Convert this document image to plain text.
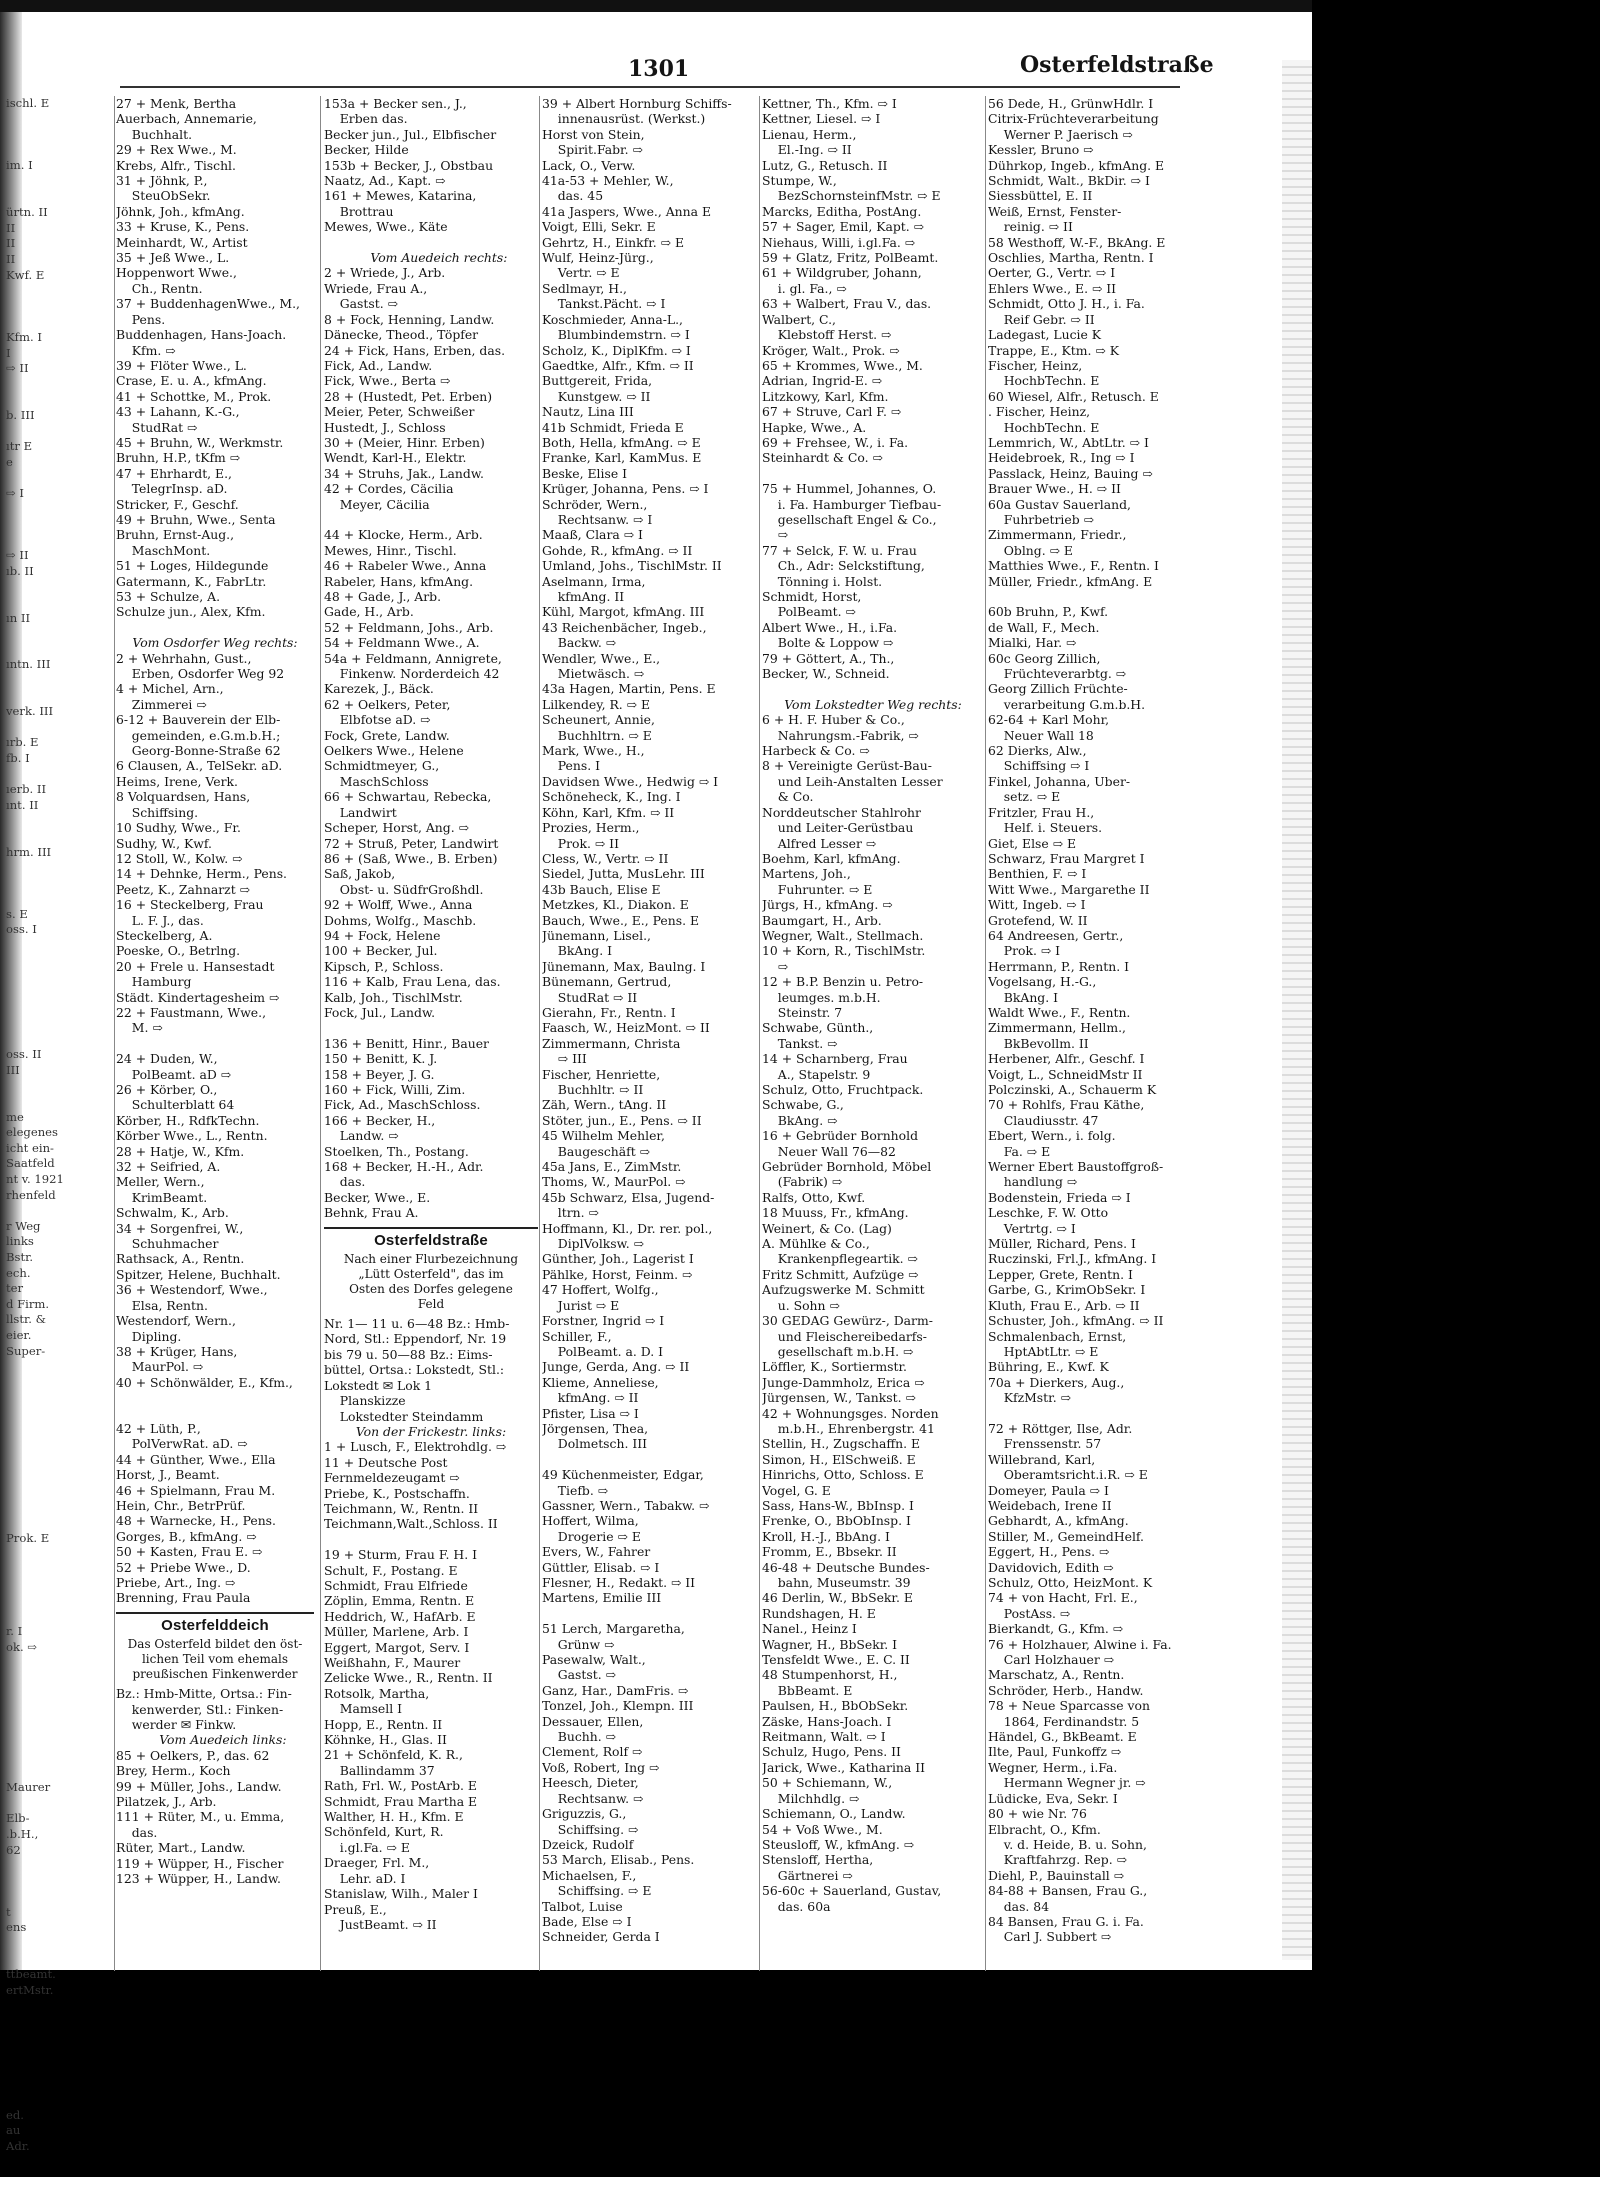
1301	Osterfeldstraße
ischl. E

im. I

ürtn. II
II
II
II
Kwf. E

Kfm. I
I
⇨ II

b. III

ıtr E
e

⇨ I

⇨ II
ıb. II

ın II

ıntn. III

verk. III

ırb. E
fb. I

ıerb. II
ınt. II

hrm. III

s. E
oss. I

oss. II
III

me
elegenes
icht ein-
Saatfeld
nt v. 1921
rhenfeld

r Weg
links
Bstr.
ech.
ter
d Firm.
llstr. &
eier.
Super-

Prok. E

r. I
ok. ⇨

Maurer

Elb-
.b.H.,
62

t
ens

ttbeamt.
ertMstr.

ed.
au
Adr.

27 + Menk, Bertha
Auerbach, Annemarie,
Buchhalt.
29 + Rex Wwe., M.
Krebs, Alfr., Tischl.
31 + Jöhnk, P.,
SteuObSekr.
Jöhnk, Joh., kfmAng.
33 + Kruse, K., Pens.
Meinhardt, W., Artist
35 + Jeß Wwe., L.
Hoppenwort Wwe.,
Ch., Rentn.
37 + BuddenhagenWwe., M.,
Pens.
Buddenhagen, Hans-Joach.
Kfm. ⇨
39 + Flöter Wwe., L.
Crase, E. u. A., kfmAng.
41 + Schottke, M., Prok.
43 + Lahann, K.-G.,
StudRat ⇨
45 + Bruhn, W., Werkmstr.
Bruhn, H.P., tKfm ⇨
47 + Ehrhardt, E.,
TelegrInsp. aD.
Stricker, F., Geschf.
49 + Bruhn, Wwe., Senta
Bruhn, Ernst-Aug.,
MaschMont.
51 + Loges, Hildegunde
Gatermann, K., FabrLtr.
53 + Schulze, A.
Schulze jun., Alex, Kfm.

Vom Osdorfer Weg rechts:
2 + Wehrhahn, Gust.,
Erben, Osdorfer Weg 92
4 + Michel, Arn.,
Zimmerei ⇨
6-12 + Bauverein der Elb-
gemeinden, e.G.m.b.H.;
Georg-Bonne-Straße 62
6 Clausen, A., TelSekr. aD.
Heims, Irene, Verk.
8 Volquardsen, Hans,
Schiffsing.
10 Sudhy, Wwe., Fr.
Sudhy, W., Kwf.
12 Stoll, W., Kolw. ⇨
14 + Dehnke, Herm., Pens.
Peetz, K., Zahnarzt ⇨
16 + Steckelberg, Frau
L. F. J., das.
Steckelberg, A.
Poeske, O., Betrlng.
20 + Frele u. Hansestadt
Hamburg
Städt. Kindertagesheim ⇨
22 + Faustmann, Wwe.,
M. ⇨

24 + Duden, W.,
PolBeamt. aD ⇨
26 + Körber, O.,
Schulterblatt 64
Körber, H., RdfkTechn.
Körber Wwe., L., Rentn.
28 + Hatje, W., Kfm.
32 + Seifried, A.
Meller, Wern.,
KrimBeamt.
Schwalm, K., Arb.
34 + Sorgenfrei, W.,
Schuhmacher
Rathsack, A., Rentn.
Spitzer, Helene, Buchhalt.
36 + Westendorf, Wwe.,
Elsa, Rentn.
Westendorf, Wern.,
Dipling.
38 + Krüger, Hans,
MaurPol. ⇨
40 + Schönwälder, E., Kfm.,

42 + Lüth, P.,
PolVerwRat. aD. ⇨
44 + Günther, Wwe., Ella
Horst, J., Beamt.
46 + Spielmann, Frau M.
Hein, Chr., BetrPrüf.
48 + Warnecke, H., Pens.
Gorges, B., kfmAng. ⇨
50 + Kasten, Frau E. ⇨
52 + Priebe Wwe., D.
Priebe, Art., Ing. ⇨
Brenning, Frau Paula
Osterfelddeich
Das Osterfeld bildet den öst-
lichen Teil vom ehemals
preußischen Finkenwerder
Bz.: Hmb-Mitte, Ortsa.: Fin-
kenwerder, Stl.: Finken-
werder ✉ Finkw.
Vom Auedeich links:
85 + Oelkers, P., das. 62
Brey, Herm., Koch
99 + Müller, Johs., Landw.
Pilatzek, J., Arb.
111 + Rüter, M., u. Emma,
das.
Rüter, Mart., Landw.
119 + Wüpper, H., Fischer
123 + Wüpper, H., Landw.
153a + Becker sen., J.,
Erben das.
Becker jun., Jul., Elbfischer
Becker, Hilde
153b + Becker, J., Obstbau
Naatz, Ad., Kapt. ⇨
161 + Mewes, Katarina,
Brottrau
Mewes, Wwe., Käte

Vom Auedeich rechts:
2 + Wriede, J., Arb.
Wriede, Frau A.,
Gastst. ⇨
8 + Fock, Henning, Landw.
Dänecke, Theod., Töpfer
24 + Fick, Hans, Erben, das.
Fick, Ad., Landw.
Fick, Wwe., Berta ⇨
28 + (Hustedt, Pet. Erben)
Meier, Peter, Schweißer
Hustedt, J., Schloss
30 + (Meier, Hinr. Erben)
Wendt, Karl-H., Elektr.
34 + Struhs, Jak., Landw.
42 + Cordes, Cäcilia
Meyer, Cäcilia

44 + Klocke, Herm., Arb.
Mewes, Hinr., Tischl.
46 + Rabeler Wwe., Anna
Rabeler, Hans, kfmAng.
48 + Gade, J., Arb.
Gade, H., Arb.
52 + Feldmann, Johs., Arb.
54 + Feldmann Wwe., A.
54a + Feldmann, Annigrete,
Finkenw. Norderdeich 42
Karezek, J., Bäck.
62 + Oelkers, Peter,
Elbfotse aD. ⇨
Fock, Grete, Landw.
Oelkers Wwe., Helene
Schmidtmeyer, G.,
MaschSchloss
66 + Schwartau, Rebecka,
Landwirt
Scheper, Horst, Ang. ⇨
72 + Struß, Peter, Landwirt
86 + (Saß, Wwe., B. Erben)
Saß, Jakob,
Obst- u. SüdfrGroßhdl.
92 + Wolff, Wwe., Anna
Dohms, Wolfg., Maschb.
94 + Fock, Helene
100 + Becker, Jul.
Kipsch, P., Schloss.
116 + Kalb, Frau Lena, das.
Kalb, Joh., TischlMstr.
Fock, Jul., Landw.

136 + Benitt, Hinr., Bauer
150 + Benitt, K. J.
158 + Beyer, J. G.
160 + Fick, Willi, Zim.
Fick, Ad., MaschSchloss.
166 + Becker, H.,
Landw. ⇨
Stoelken, Th., Postang.
168 + Becker, H.-H., Adr.
das.
Becker, Wwe., E.
Behnk, Frau A.
Osterfeldstraße
Nach einer Flurbezeichnung
„Lütt Osterfeld", das im
Osten des Dorfes gelegene
Feld
Nr. 1— 11 u. 6—48 Bz.: Hmb-
Nord, Stl.: Eppendorf, Nr. 19
bis 79 u. 50—88 Bz.: Eims-
büttel, Ortsa.: Lokstedt, Stl.:
Lokstedt ✉ Lok 1
Planskizze
Lokstedter Steindamm
Von der Frickestr. links:
1 + Lusch, F., Elektrohdlg. ⇨
11 + Deutsche Post
Fernmeldezeugamt ⇨
Priebe, K., Postschaffn.
Teichmann, W., Rentn. II
Teichmann,Walt.,Schloss. II

19 + Sturm, Frau F. H. I
Schult, F., Postang. E
Schmidt, Frau Elfriede
Zöplin, Emma, Rentn. E
Heddrich, W., HafArb. E
Müller, Marlene, Arb. I
Eggert, Margot, Serv. I
Weißhahn, F., Maurer
Zelicke Wwe., R., Rentn. II
Rotsolk, Martha,
Mamsell I
Hopp, E., Rentn. II
Köhnke, H., Glas. II
21 + Schönfeld, K. R.,
Ballindamm 37
Rath, Frl. W., PostArb. E
Schmidt, Frau Martha E
Walther, H. H., Kfm. E
Schönfeld, Kurt, R.
i.gl.Fa. ⇨ E
Draeger, Frl. M.,
Lehr. aD. I
Stanislaw, Wilh., Maler I
Preuß, E.,
JustBeamt. ⇨ II
39 + Albert Hornburg Schiffs-
innenausrüst. (Werkst.)
Horst von Stein,
Spirit.Fabr. ⇨
Lack, O., Verw.
41a-53 + Mehler, W.,
das. 45
41a Jaspers, Wwe., Anna E
Voigt, Elli, Sekr. E
Gehrtz, H., Einkfr. ⇨ E
Wulf, Heinz-Jürg.,
Vertr. ⇨ E
Sedlmayr, H.,
Tankst.Pächt. ⇨ I
Koschmieder, Anna-L.,
Blumbindemstrn. ⇨ I
Scholz, K., DiplKfm. ⇨ I
Gaedtke, Alfr., Kfm. ⇨ II
Buttgereit, Frida,
Kunstgew. ⇨ II
Nautz, Lina III
41b Schmidt, Frieda E
Both, Hella, kfmAng. ⇨ E
Franke, Karl, KamMus. E
Beske, Elise I
Krüger, Johanna, Pens. ⇨ I
Schröder, Wern.,
Rechtsanw. ⇨ I
Maaß, Clara ⇨ I
Gohde, R., kfmAng. ⇨ II
Umland, Johs., TischlMstr. II
Aselmann, Irma,
kfmAng. II
Kühl, Margot, kfmAng. III
43 Reichenbächer, Ingeb.,
Backw. ⇨
Wendler, Wwe., E.,
Mietwäsch. ⇨
43a Hagen, Martin, Pens. E
Lilkendey, R. ⇨ E
Scheunert, Annie,
Buchhltrn. ⇨ E
Mark, Wwe., H.,
Pens. I
Davidsen Wwe., Hedwig ⇨ I
Schöneheck, K., Ing. I
Köhn, Karl, Kfm. ⇨ II
Prozies, Herm.,
Prok. ⇨ II
Cless, W., Vertr. ⇨ II
Siedel, Jutta, MusLehr. III
43b Bauch, Elise E
Metzkes, Kl., Diakon. E
Bauch, Wwe., E., Pens. E
Jünemann, Lisel.,
BkAng. I
Jünemann, Max, Baulng. I
Bünemann, Gertrud,
StudRat ⇨ II
Gierahn, Fr., Rentn. I
Faasch, W., HeizMont. ⇨ II
Zimmermann, Christa
⇨ III
Fischer, Henriette,
Buchhltr. ⇨ II
Zäh, Wern., tAng. II
Stöter, jun., E., Pens. ⇨ II
45 Wilhelm Mehler,
Baugeschäft ⇨
45a Jans, E., ZimMstr.
Thoms, W., MaurPol. ⇨
45b Schwarz, Elsa, Jugend-
ltrn. ⇨
Hoffmann, Kl., Dr. rer. pol.,
DiplVolksw. ⇨
Günther, Joh., Lagerist I
Pählke, Horst, Feinm. ⇨
47 Hoffert, Wolfg.,
Jurist ⇨ E
Forstner, Ingrid ⇨ I
Schiller, F.,
PolBeamt. a. D. I
Junge, Gerda, Ang. ⇨ II
Klieme, Anneliese,
kfmAng. ⇨ II
Pfister, Lisa ⇨ I
Jörgensen, Thea,
Dolmetsch. III

49 Küchenmeister, Edgar,
Tiefb. ⇨
Gassner, Wern., Tabakw. ⇨
Hoffert, Wilma,
Drogerie ⇨ E
Evers, W., Fahrer
Güttler, Elisab. ⇨ I
Flesner, H., Redakt. ⇨ II
Martens, Emilie III

51 Lerch, Margaretha,
Grünw ⇨
Pasewalw, Walt.,
Gastst. ⇨
Ganz, Har., DamFris. ⇨
Tonzel, Joh., Klempn. III
Dessauer, Ellen,
Buchh. ⇨
Clement, Rolf ⇨
Voß, Robert, Ing ⇨
Heesch, Dieter,
Rechtsanw. ⇨
Griguzzis, G.,
Schiffsing. ⇨
Dzeick, Rudolf
53 March, Elisab., Pens.
Michaelsen, F.,
Schiffsing. ⇨ E
Talbot, Luise
Bade, Else ⇨ I
Schneider, Gerda I
Kettner, Th., Kfm. ⇨ I
Kettner, Liesel. ⇨ I
Lienau, Herm.,
El.-Ing. ⇨ II
Lutz, G., Retusch. II
Stumpe, W.,
BezSchornsteinfMstr. ⇨ E
Marcks, Editha, PostAng.
57 + Sager, Emil, Kapt. ⇨
Niehaus, Willi, i.gl.Fa. ⇨
59 + Glatz, Fritz, PolBeamt.
61 + Wildgruber, Johann,
i. gl. Fa., ⇨
63 + Walbert, Frau V., das.
Walbert, C.,
Klebstoff Herst. ⇨
Kröger, Walt., Prok. ⇨
65 + Krommes, Wwe., M.
Adrian, Ingrid-E. ⇨
Litzkowy, Karl, Kfm.
67 + Struve, Carl F. ⇨
Hapke, Wwe., A.
69 + Frehsee, W., i. Fa.
Steinhardt & Co. ⇨

75 + Hummel, Johannes, O.
i. Fa. Hamburger Tiefbau-
gesellschaft Engel & Co.,
⇨
77 + Selck, F. W. u. Frau
Ch., Adr: Selckstiftung,
Tönning i. Holst.
Schmidt, Horst,
PolBeamt. ⇨
Albert Wwe., H., i.Fa.
Bolte & Loppow ⇨
79 + Göttert, A., Th.,
Becker, W., Schneid.

Vom Lokstedter Weg rechts:
6 + H. F. Huber & Co.,
Nahrungsm.-Fabrik, ⇨
Harbeck & Co. ⇨
8 + Vereinigte Gerüst-Bau-
und Leih-Anstalten Lesser
& Co.
Norddeutscher Stahlrohr
und Leiter-Gerüstbau
Alfred Lesser ⇨
Boehm, Karl, kfmAng.
Martens, Joh.,
Fuhrunter. ⇨ E
Jürgs, H., kfmAng. ⇨
Baumgart, H., Arb.
Wegner, Walt., Stellmach.
10 + Korn, R., TischlMstr.
⇨
12 + B.P. Benzin u. Petro-
leumges. m.b.H.
Steinstr. 7
Schwabe, Günth.,
Tankst. ⇨
14 + Scharnberg, Frau
A., Stapelstr. 9
Schulz, Otto, Fruchtpack.
Schwabe, G.,
BkAng. ⇨
16 + Gebrüder Bornhold
Neuer Wall 76—82
Gebrüder Bornhold, Möbel
(Fabrik) ⇨
Ralfs, Otto, Kwf.
18 Muuss, Fr., kfmAng.
Weinert, & Co. (Lag)
A. Mühlke & Co.,
Krankenpflegeartik. ⇨
Fritz Schmitt, Aufzüge ⇨
Aufzugswerke M. Schmitt
u. Sohn ⇨
30 GEDAG Gewürz-, Darm-
und Fleischereibedarfs-
gesellschaft m.b.H. ⇨
Löffler, K., Sortiermstr.
Junge-Dammholz, Erica ⇨
Jürgensen, W., Tankst. ⇨
42 + Wohnungsges. Norden
m.b.H., Ehrenbergstr. 41
Stellin, H., Zugschaffn. E
Simon, H., ElSchweiß. E
Hinrichs, Otto, Schloss. E
Vogel, G. E
Sass, Hans-W., BbInsp. I
Frenke, O., BbObInsp. I
Kroll, H.-J., BbAng. I
Fromm, E., Bbsekr. II
46-48 + Deutsche Bundes-
bahn, Museumstr. 39
46 Derlin, W., BbSekr. E
Rundshagen, H. E
Nanel., Heinz I
Wagner, H., BbSekr. I
Tensfeldt Wwe., E. C. II
48 Stumpenhorst, H.,
BbBeamt. E
Paulsen, H., BbObSekr.
Zäske, Hans-Joach. I
Reitmann, Walt. ⇨ I
Schulz, Hugo, Pens. II
Jarick, Wwe., Katharina II
50 + Schiemann, W.,
Milchhdlg. ⇨
Schiemann, O., Landw.
54 + Voß Wwe., M.
Steusloff, W., kfmAng. ⇨
Stensloff, Hertha,
Gärtnerei ⇨
56-60c + Sauerland, Gustav,
das. 60a
56 Dede, H., GrünwHdlr. I
Citrix-Früchteverarbeitung
Werner P. Jaerisch ⇨
Kessler, Bruno ⇨
Dührkop, Ingeb., kfmAng. E
Schmidt, Walt., BkDir. ⇨ I
Siessbüttel, E. II
Weiß, Ernst, Fenster-
reinig. ⇨ II
58 Westhoff, W.-F., BkAng. E
Oschlies, Martha, Rentn. I
Oerter, G., Vertr. ⇨ I
Ehlers Wwe., E. ⇨ II
Schmidt, Otto J. H., i. Fa.
Reif Gebr. ⇨ II
Ladegast, Lucie K
Trappe, E., Ktm. ⇨ K
Fischer, Heinz,
HochbTechn. E
60 Wiesel, Alfr., Retusch. E
. Fischer, Heinz,
HochbTechn. E
Lemmrich, W., AbtLtr. ⇨ I
Heidebroek, R., Ing ⇨ I
Passlack, Heinz, Bauing ⇨
Brauer Wwe., H. ⇨ II
60a Gustav Sauerland,
Fuhrbetrieb ⇨
Zimmermann, Friedr.,
Oblng. ⇨ E
Matthies Wwe., F., Rentn. I
Müller, Friedr., kfmAng. E

60b Bruhn, P., Kwf.
de Wall, F., Mech.
Mialki, Har. ⇨
60c Georg Zillich,
Früchteverarbtg. ⇨
Georg Zillich Früchte-
verarbeitung G.m.b.H.
62-64 + Karl Mohr,
Neuer Wall 18
62 Dierks, Alw.,
Schiffsing ⇨ I
Finkel, Johanna, Uber-
setz. ⇨ E
Fritzler, Frau H.,
Helf. i. Steuers.
Giet, Else ⇨ E
Schwarz, Frau Margret I
Benthien, F. ⇨ I
Witt Wwe., Margarethe II
Witt, Ingeb. ⇨ I
Grotefend, W. II
64 Andreesen, Gertr.,
Prok. ⇨ I
Herrmann, P., Rentn. I
Vogelsang, H.-G.,
BkAng. I
Waldt Wwe., F., Rentn.
Zimmermann, Hellm.,
BkBevollm. II
Herbener, Alfr., Geschf. I
Voigt, L., SchneidMstr II
Polczinski, A., Schauerm K
70 + Rohlfs, Frau Käthe,
Claudiusstr. 47
Ebert, Wern., i. folg.
Fa. ⇨ E
Werner Ebert Baustoffgroß-
handlung ⇨
Bodenstein, Frieda ⇨ I
Leschke, F. W. Otto
Vertrtg. ⇨ I
Müller, Richard, Pens. I
Ruczinski, Frl.J., kfmAng. I
Lepper, Grete, Rentn. I
Garbe, G., KrimObSekr. I
Kluth, Frau E., Arb. ⇨ II
Schuster, Joh., kfmAng. ⇨ II
Schmalenbach, Ernst,
HptAbtLtr. ⇨ E
Bühring, E., Kwf. K
70a + Dierkers, Aug.,
KfzMstr. ⇨

72 + Röttger, Ilse, Adr.
Frenssenstr. 57
Willebrand, Karl,
Oberamtsricht.i.R. ⇨ E
Domeyer, Paula ⇨ I
Weidebach, Irene II
Gebhardt, A., kfmAng.
Stiller, M., GemeindHelf.
Eggert, H., Pens. ⇨
Davidovich, Edith ⇨
Schulz, Otto, HeizMont. K
74 + von Hacht, Frl. E.,
PostAss. ⇨
Bierkandt, G., Kfm. ⇨
76 + Holzhauer, Alwine i. Fa.
Carl Holzhauer ⇨
Marschatz, A., Rentn.
Schröder, Herb., Handw.
78 + Neue Sparcasse von
1864, Ferdinandstr. 5
Händel, G., BkBeamt. E
Ilte, Paul, Funkoffz ⇨
Wegner, Herm., i.Fa.
Hermann Wegner jr. ⇨
Lüdicke, Eva, Sekr. I
80 + wie Nr. 76
Elbracht, O., Kfm.
v. d. Heide, B. u. Sohn,
Kraftfahrzg. Rep. ⇨
Diehl, P., Bauinstall ⇨
84-88 + Bansen, Frau G.,
das. 84
84 Bansen, Frau G. i. Fa.
Carl J. Subbert ⇨
